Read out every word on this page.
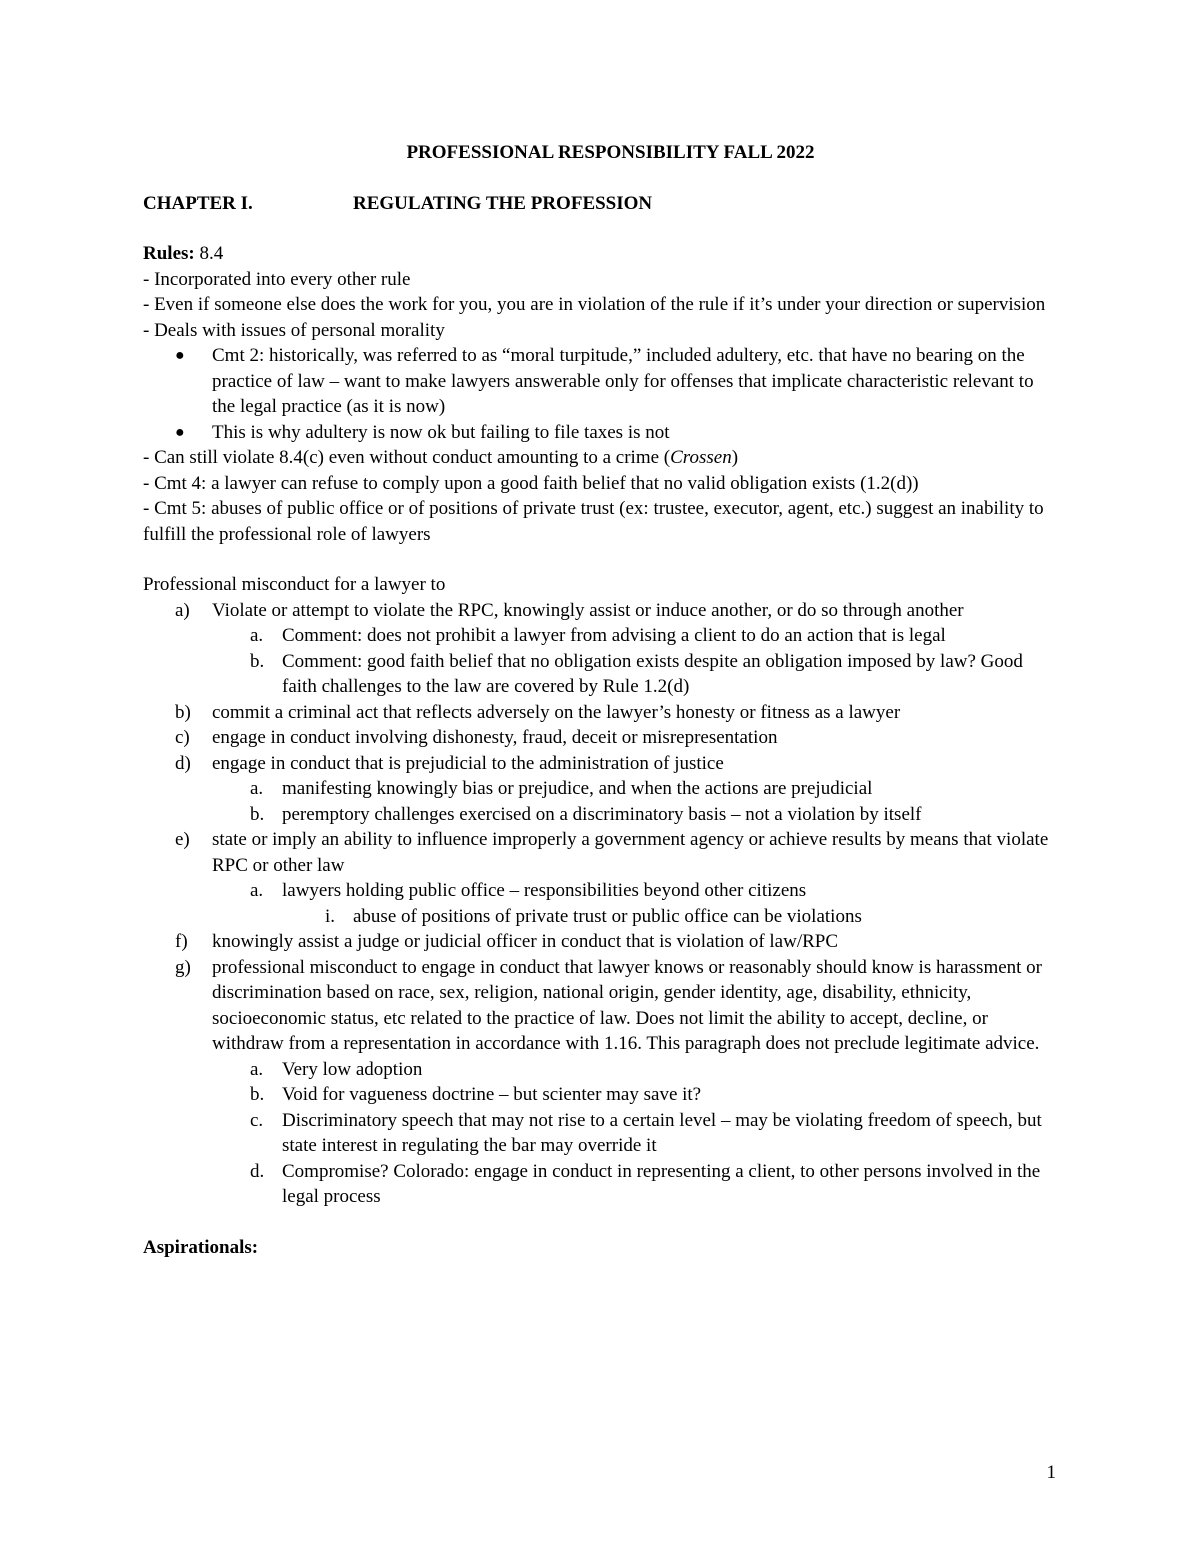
PROFESSIONAL RESPONSIBILITY FALL 2022

CHAPTER I.	REGULATING THE PROFESSION

Rules: 8.4

- Incorporated into every other rule

- Even if someone else does the work for you, you are in violation of the rule if it’s under your direction or supervision

- Deals with issues of personal morality

●	Cmt 2: historically, was referred to as “moral turpitude,” included adultery, etc. that have no bearing on the practice of law – want to make lawyers answerable only for offenses that implicate characteristic relevant to the legal practice (as it is now)
●	This is why adultery is now ok but failing to file taxes is not

- Can still violate 8.4(c) even without conduct amounting to a crime (Crossen)

- Cmt 4: a lawyer can refuse to comply upon a good faith belief that no valid obligation exists (1.2(d))

- Cmt 5: abuses of public office or of positions of private trust (ex: trustee, executor, agent, etc.) suggest an inability to fulfill the professional role of lawyers

Professional misconduct for a lawyer to

a)	Violate or attempt to violate the RPC, knowingly assist or induce another, or do so through another
a. Comment: does not prohibit a lawyer from advising a client to do an action that is legal
b. Comment: good faith belief that no obligation exists despite an obligation imposed by law? Good faith challenges to the law are covered by Rule 1.2(d)
b)	commit a criminal act that reflects adversely on the lawyer’s honesty or fitness as a lawyer
c)	engage in conduct involving dishonesty, fraud, deceit or misrepresentation
d)	engage in conduct that is prejudicial to the administration of justice
a. manifesting knowingly bias or prejudice, and when the actions are prejudicial
b. peremptory challenges exercised on a discriminatory basis – not a violation by itself
e)	state or imply an ability to influence improperly a government agency or achieve results by means that violate RPC or other law
a. lawyers holding public office – responsibilities beyond other citizens
i. abuse of positions of private trust or public office can be violations
f)	knowingly assist a judge or judicial officer in conduct that is violation of law/RPC
g)	professional misconduct to engage in conduct that lawyer knows or reasonably should know is harassment or discrimination based on race, sex, religion, national origin, gender identity, age, disability, ethnicity, socioeconomic status, etc related to the practice of law. Does not limit the ability to accept, decline, or withdraw from a representation in accordance with 1.16. This paragraph does not preclude legitimate advice.
a. Very low adoption
b. Void for vagueness doctrine – but scienter may save it?
c. Discriminatory speech that may not rise to a certain level – may be violating freedom of speech, but state interest in regulating the bar may override it
d. Compromise? Colorado: engage in conduct in representing a client, to other persons involved in the legal process

Aspirationals:

1
